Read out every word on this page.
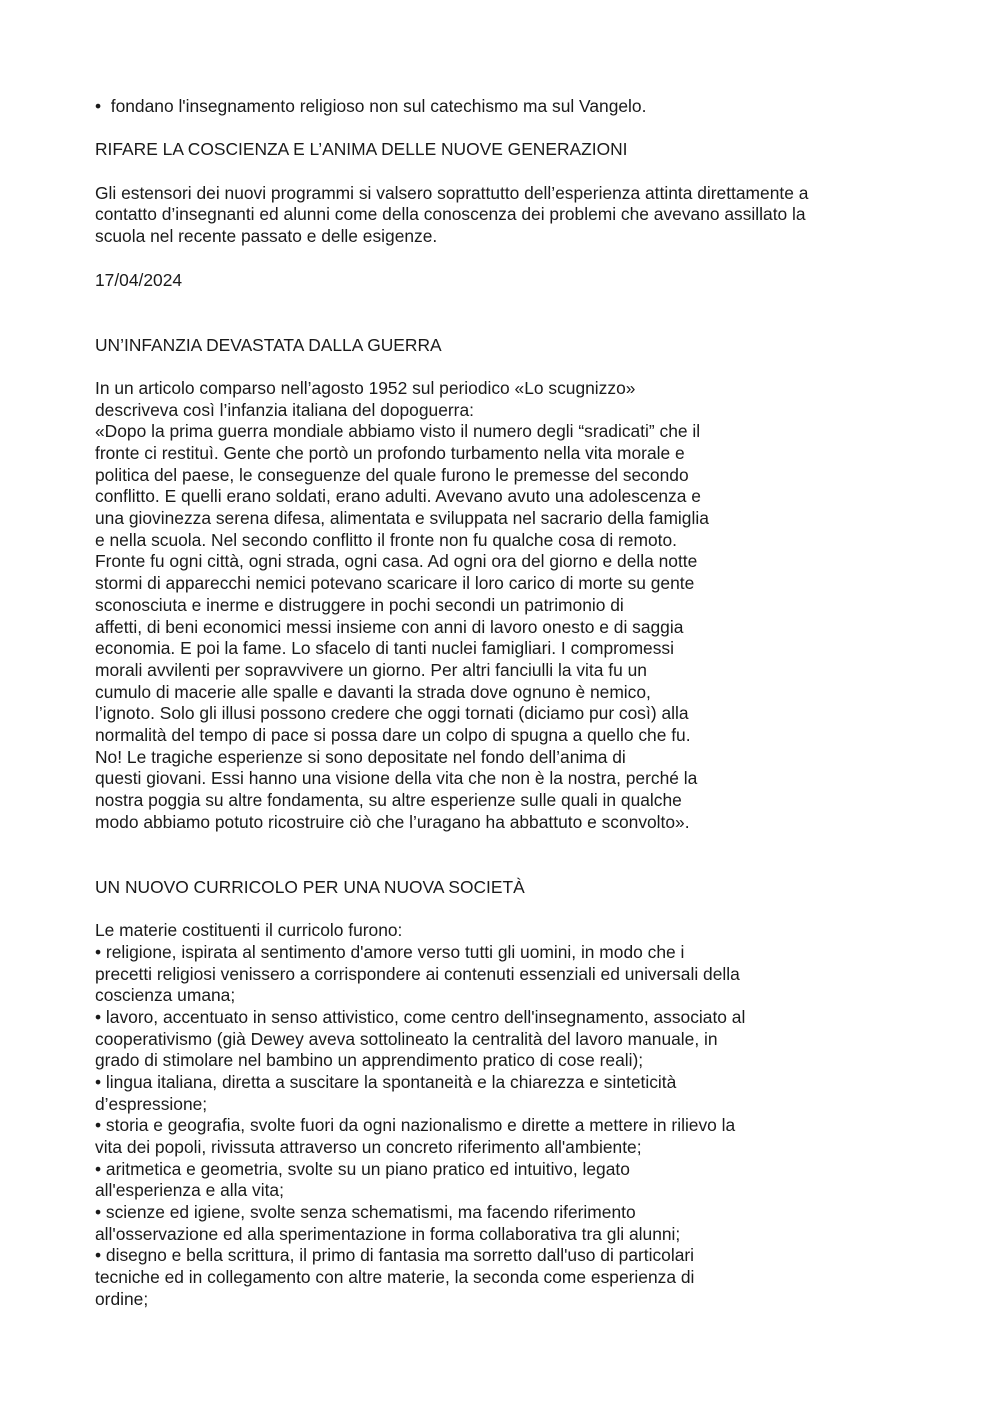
•  fondano l'insegnamento religioso non sul catechismo ma sul Vangelo.
RIFARE LA COSCIENZA E L’ANIMA DELLE NUOVE GENERAZIONI
Gli estensori dei nuovi programmi si valsero soprattutto dell’esperienza attinta direttamente a
contatto d’insegnanti ed alunni come della conoscenza dei problemi che avevano assillato la
scuola nel recente passato e delle esigenze.
17/04/2024
UN’INFANZIA DEVASTATA DALLA GUERRA
In un articolo comparso nell’agosto 1952 sul periodico «Lo scugnizzo»
descriveva così l’infanzia italiana del dopoguerra:
«Dopo la prima guerra mondiale abbiamo visto il numero degli “sradicati” che il
fronte ci restituì. Gente che portò un profondo turbamento nella vita morale e
politica del paese, le conseguenze del quale furono le premesse del secondo
conflitto. E quelli erano soldati, erano adulti. Avevano avuto una adolescenza e
una giovinezza serena difesa, alimentata e sviluppata nel sacrario della famiglia
e nella scuola. Nel secondo conflitto il fronte non fu qualche cosa di remoto.
Fronte fu ogni città, ogni strada, ogni casa. Ad ogni ora del giorno e della notte
stormi di apparecchi nemici potevano scaricare il loro carico di morte su gente
sconosciuta e inerme e distruggere in pochi secondi un patrimonio di
affetti, di beni economici messi insieme con anni di lavoro onesto e di saggia
economia. E poi la fame. Lo sfacelo di tanti nuclei famigliari. I compromessi
morali avvilenti per sopravvivere un giorno. Per altri fanciulli la vita fu un
cumulo di macerie alle spalle e davanti la strada dove ognuno è nemico,
l’ignoto. Solo gli illusi possono credere che oggi tornati (diciamo pur così) alla
normalità del tempo di pace si possa dare un colpo di spugna a quello che fu.
No! Le tragiche esperienze si sono depositate nel fondo dell’anima di
questi giovani. Essi hanno una visione della vita che non è la nostra, perché la
nostra poggia su altre fondamenta, su altre esperienze sulle quali in qualche
modo abbiamo potuto ricostruire ciò che l’uragano ha abbattuto e sconvolto».
UN NUOVO CURRICOLO PER UNA NUOVA SOCIETÀ
Le materie costituenti il curricolo furono:
• religione, ispirata al sentimento d'amore verso tutti gli uomini, in modo che i
precetti religiosi venissero a corrispondere ai contenuti essenziali ed universali della
coscienza umana;
• lavoro, accentuato in senso attivistico, come centro dell'insegnamento, associato al
cooperativismo (già Dewey aveva sottolineato la centralità del lavoro manuale, in
grado di stimolare nel bambino un apprendimento pratico di cose reali);
• lingua italiana, diretta a suscitare la spontaneità e la chiarezza e sinteticità
d’espressione;
• storia e geografia, svolte fuori da ogni nazionalismo e dirette a mettere in rilievo la
vita dei popoli, rivissuta attraverso un concreto riferimento all'ambiente;
• aritmetica e geometria, svolte su un piano pratico ed intuitivo, legato
all'esperienza e alla vita;
• scienze ed igiene, svolte senza schematismi, ma facendo riferimento
all'osservazione ed alla sperimentazione in forma collaborativa tra gli alunni;
• disegno e bella scrittura, il primo di fantasia ma sorretto dall'uso di particolari
tecniche ed in collegamento con altre materie, la seconda come esperienza di
ordine;
